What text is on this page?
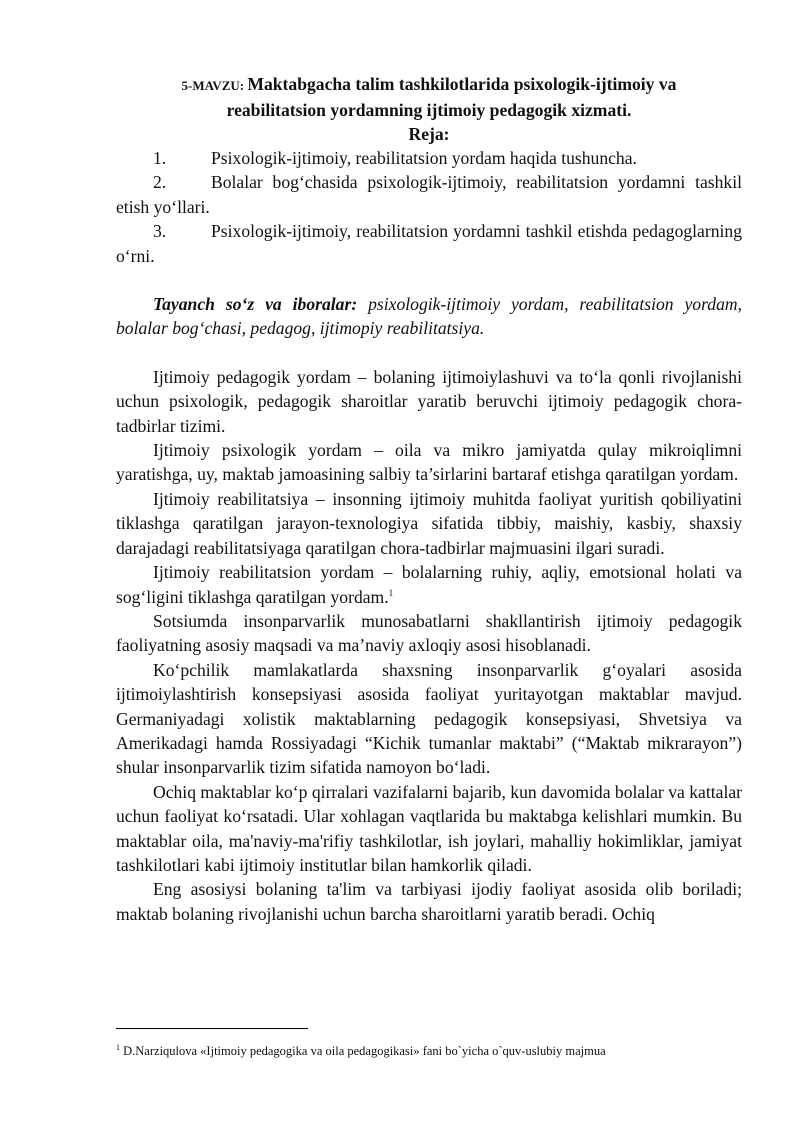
5-MAVZU: Maktabgacha talim tashkilotlarida psixologik-ijtimoiy va
reabilitatsion yordamning ijtimoiy pedagogik xizmati.
Reja:

1.	Psixologik-ijtimoiy, reabilitatsion yordam haqida tushuncha.

2.	Bolalar bog‘chasida psixologik-ijtimoiy, reabilitatsion yordamni tashkil etish yo‘llari.

3.	Psixologik-ijtimoiy, reabilitatsion yordamni tashkil etishda pedagoglarning o‘rni.

Tayanch so‘z va iboralar: psixologik-ijtimoiy yordam, reabilitatsion yordam, bolalar bog‘chasi, pedagog, ijtimopiy reabilitatsiya.

Ijtimoiy pedagogik yordam – bolaning ijtimoiylashuvi va to‘la qonli rivojlanishi uchun psixologik, pedagogik sharoitlar yaratib beruvchi ijtimoiy pedagogik chora-tadbirlar tizimi.

Ijtimoiy psixologik yordam – oila va mikro jamiyatda qulay mikroiqlimni yaratishga, uy, maktab jamoasining salbiy ta’sirlarini bartaraf etishga qaratilgan yordam.

Ijtimoiy reabilitatsiya – insonning ijtimoiy muhitda faoliyat yuritish qobiliyatini tiklashga qaratilgan jarayon-texnologiya sifatida tibbiy, maishiy, kasbiy, shaxsiy darajadagi reabilitatsiyaga qaratilgan chora-tadbirlar majmuasini ilgari suradi.

Ijtimoiy reabilitatsion yordam – bolalarning ruhiy, aqliy, emotsional holati va sog‘ligini tiklashga qaratilgan yordam.$^1$

Sotsiumda insonparvarlik munosabatlarni shakllantirish ijtimoiy pedagogik faoliyatning asosiy maqsadi va ma’naviy axloqiy asosi hisoblanadi.

Ko‘pchilik mamlakatlarda shaxsning insonparvarlik g‘oyalari asosida ijtimoiylashtirish konsepsiyasi asosida faoliyat yuritayotgan maktablar mavjud. Germaniyadagi xolistik maktablarning pedagogik konsepsiyasi, Shvetsiya va Amerikadagi hamda Rossiyadagi “Kichik tumanlar maktabi” (“Maktab mikrarayon”) shular insonparvarlik tizim sifatida namoyon bo‘ladi.

Ochiq maktablar ko‘p qirralari vazifalarni bajarib, kun davomida bolalar va kattalar uchun faoliyat ko‘rsatadi. Ular xohlagan vaqtlarida bu maktabga kelishlari mumkin. Bu maktablar oila, ma'naviy-ma'rifiy tashkilotlar, ish joylari, mahalliy hokimliklar, jamiyat tashkilotlari kabi ijtimoiy institutlar bilan hamkorlik qiladi.

Eng asosiysi bolaning ta'lim va tarbiyasi ijodiy faoliyat asosida olib boriladi; maktab bolaning rivojlanishi uchun barcha sharoitlarni yaratib beradi. Ochiq

$^1$ D.Narziqulova «Ijtimoiy pedagogika va oila pedagogikasi» fani bo`yicha o`quv-uslubiy majmua
